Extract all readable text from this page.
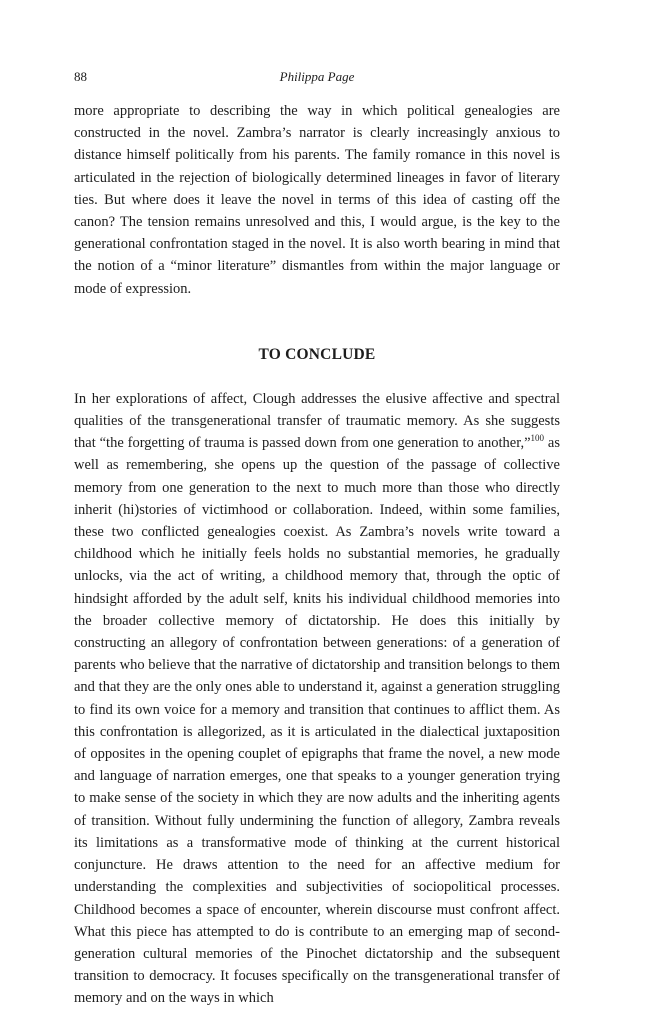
88	Philippa Page

more appropriate to describing the way in which political genealogies are constructed in the novel. Zambra’s narrator is clearly increasingly anxious to distance himself politically from his parents. The family romance in this novel is articulated in the rejection of biologically determined lineages in favor of literary ties. But where does it leave the novel in terms of this idea of casting off the canon? The tension remains unresolved and this, I would argue, is the key to the generational confrontation staged in the novel. It is also worth bearing in mind that the notion of a “minor literature” dismantles from within the major language or mode of expression.

TO CONCLUDE

In her explorations of affect, Clough addresses the elusive affective and spectral qualities of the transgenerational transfer of traumatic memory. As she suggests that “the forgetting of trauma is passed down from one generation to another,”$^{100}$ as well as remembering, she opens up the question of the passage of collective memory from one generation to the next to much more than those who directly inherit (hi)stories of victimhood or collaboration. Indeed, within some families, these two conflicted genealogies coexist. As Zambra’s novels write toward a childhood which he initially feels holds no substantial memories, he gradually unlocks, via the act of writing, a childhood memory that, through the optic of hindsight afforded by the adult self, knits his individual childhood memories into the broader collective memory of dictatorship. He does this initially by constructing an allegory of confrontation between generations: of a generation of parents who believe that the narrative of dictatorship and transition belongs to them and that they are the only ones able to understand it, against a generation struggling to find its own voice for a memory and transition that continues to afflict them. As this confrontation is allegorized, as it is articulated in the dialectical juxtaposition of opposites in the opening couplet of epigraphs that frame the novel, a new mode and language of narration emerges, one that speaks to a younger generation trying to make sense of the society in which they are now adults and the inheriting agents of transition. Without fully undermining the function of allegory, Zambra reveals its limitations as a transformative mode of thinking at the current historical conjuncture. He draws attention to the need for an affective medium for understanding the complexities and subjectivities of sociopolitical processes. Childhood becomes a space of encounter, wherein discourse must confront affect. What this piece has attempted to do is contribute to an emerging map of second-generation cultural memories of the Pinochet dictatorship and the subsequent transition to democracy. It focuses specifically on the transgenerational transfer of memory and on the ways in which
